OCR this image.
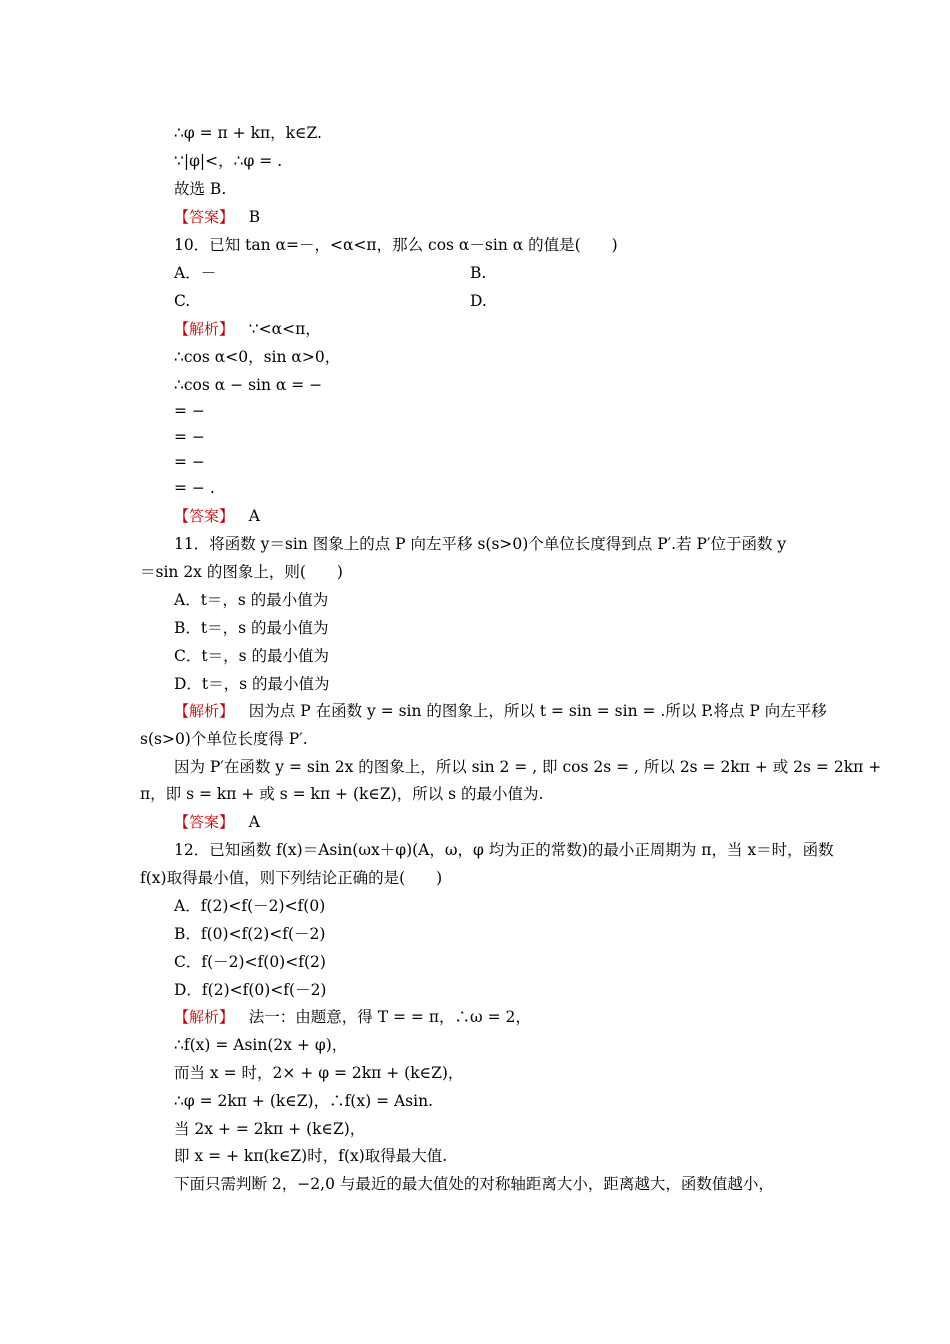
∴φ = π + kπ，k∈Z.
∵|φ|<，∴φ = .
故选 B.
【答案】 B
10．已知 tan α=－，<α<π，那么 cos α－sin α 的值是(　　)
A．－	B.
C.	D.
【解析】 ∵<α<π，
∴cos α<0，sin α>0，
∴cos α − sin α = −
= −
= −
= −
= − .
【答案】 A
11．将函数 y＝sin 图象上的点 P 向左平移 s(s>0)个单位长度得到点 P′.若 P′位于函数 y
＝sin 2x 的图象上，则(　　)
A．t＝，s 的最小值为
B．t＝，s 的最小值为
C．t＝，s 的最小值为
D．t＝，s 的最小值为
【解析】 因为点 P 在函数 y = sin 的图象上，所以 t = sin = sin = .所以 P.将点 P 向左平移
s(s>0)个单位长度得 P′.
因为 P′在函数 y = sin 2x 的图象上，所以 sin 2 = , 即 cos 2s = , 所以 2s = 2kπ + 或 2s = 2kπ +
π，即 s = kπ + 或 s = kπ + (k∈Z)，所以 s 的最小值为.
【答案】 A
12．已知函数 f(x)＝Asin(ωx＋φ)(A，ω，φ 均为正的常数)的最小正周期为 π，当 x＝时，函数
f(x)取得最小值，则下列结论正确的是(　　)
A．f(2)<f(－2)<f(0)
B．f(0)<f(2)<f(－2)
C．f(－2)<f(0)<f(2)
D．f(2)<f(0)<f(－2)
【解析】 法一：由题意，得 T = = π，∴ω = 2，
∴f(x) = Asin(2x + φ)，
而当 x = 时，2× + φ = 2kπ + (k∈Z)，
∴φ = 2kπ + (k∈Z)，∴f(x) = Asin.
当 2x + = 2kπ + (k∈Z)，
即 x = + kπ(k∈Z)时，f(x)取得最大值.
下面只需判断 2，−2,0 与最近的最大值处的对称轴距离大小，距离越大，函数值越小，
